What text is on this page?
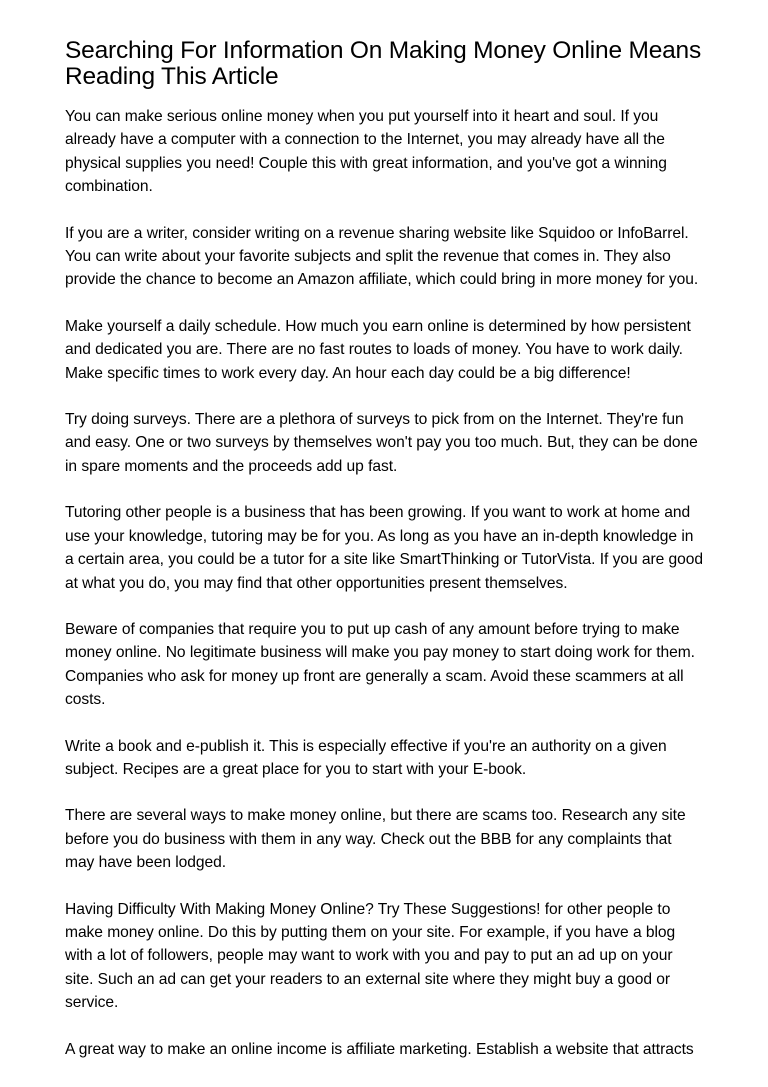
Searching For Information On Making Money Online Means Reading This Article

You can make serious online money when you put yourself into it heart and soul. If you already have a computer with a connection to the Internet, you may already have all the physical supplies you need! Couple this with great information, and you've got a winning combination.

If you are a writer, consider writing on a revenue sharing website like Squidoo or InfoBarrel. You can write about your favorite subjects and split the revenue that comes in. They also provide the chance to become an Amazon affiliate, which could bring in more money for you.

Make yourself a daily schedule. How much you earn online is determined by how persistent and dedicated you are. There are no fast routes to loads of money. You have to work daily. Make specific times to work every day. An hour each day could be a big difference!

Try doing surveys. There are a plethora of surveys to pick from on the Internet. They're fun and easy. One or two surveys by themselves won't pay you too much. But, they can be done in spare moments and the proceeds add up fast.

Tutoring other people is a business that has been growing. If you want to work at home and use your knowledge, tutoring may be for you. As long as you have an in-depth knowledge in a certain area, you could be a tutor for a site like SmartThinking or TutorVista. If you are good at what you do, you may find that other opportunities present themselves.

Beware of companies that require you to put up cash of any amount before trying to make money online. No legitimate business will make you pay money to start doing work for them. Companies who ask for money up front are generally a scam. Avoid these scammers at all costs.

Write a book and e-publish it. This is especially effective if you're an authority on a given subject. Recipes are a great place for you to start with your E-book.

There are several ways to make money online, but there are scams too. Research any site before you do business with them in any way. Check out the BBB for any complaints that may have been lodged.

Having Difficulty With Making Money Online? Try These Suggestions! for other people to make money online. Do this by putting them on your site. For example, if you have a blog with a lot of followers, people may want to work with you and pay to put an ad up on your site. Such an ad can get your readers to an external site where they might buy a good or service.

A great way to make an online income is affiliate marketing. Establish a website that attracts
